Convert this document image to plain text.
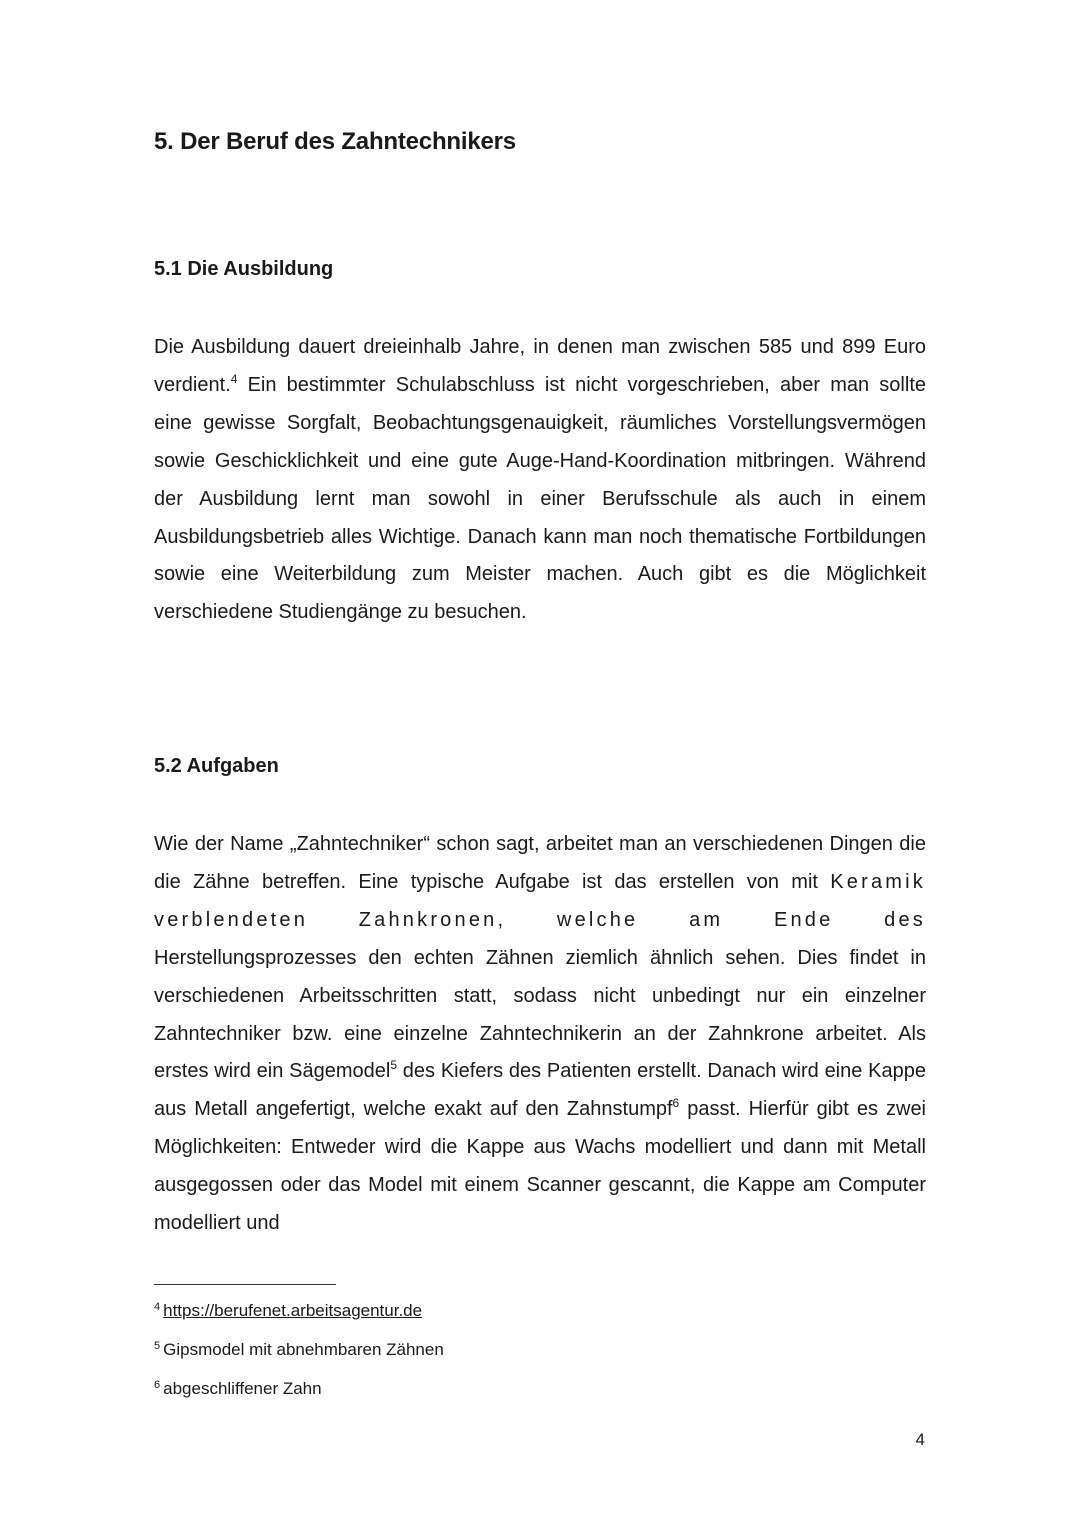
5. Der Beruf des Zahntechnikers
5.1 Die Ausbildung

Die Ausbildung dauert dreieinhalb Jahre, in denen man zwischen 585 und 899 Euro verdient.$^4$ Ein bestimmter Schulabschluss ist nicht vorgeschrieben, aber man sollte eine gewisse Sorgfalt, Beobachtungsgenauigkeit, räumliches Vorstellungsvermögen sowie Geschicklichkeit und eine gute Auge-Hand-Koordination mitbringen. Während der Ausbildung lernt man sowohl in einer Berufsschule als auch in einem Ausbildungsbetrieb alles Wichtige. Danach kann man noch thematische Fortbildungen sowie eine Weiterbildung zum Meister machen. Auch gibt es die Möglichkeit verschiedene Studiengänge zu besuchen.

5.2 Aufgaben

Wie der Name „Zahntechniker“ schon sagt, arbeitet man an verschiedenen Dingen die die Zähne betreffen. Eine typische Aufgabe ist das erstellen von mit Keramik verblendeten Zahnkronen, welche am Ende des Herstellungsprozesses den echten Zähnen ziemlich ähnlich sehen. Dies findet in verschiedenen Arbeitsschritten statt, sodass nicht unbedingt nur ein einzelner Zahntechniker bzw. eine einzelne Zahntechnikerin an der Zahnkrone arbeitet. Als erstes wird ein Sägemodel$^5$ des Kiefers des Patienten erstellt. Danach wird eine Kappe aus Metall angefertigt, welche exakt auf den Zahnstumpf$^6$ passt. Hierfür gibt es zwei Möglichkeiten: Entweder wird die Kappe aus Wachs modelliert und dann mit Metall ausgegossen oder das Model mit einem Scanner gescannt, die Kappe am Computer modelliert und

$^4$ https://berufenet.arbeitsagentur.de

$^5$ Gipsmodel mit abnehmbaren Zähnen

$^6$ abgeschliffener Zahn

4
